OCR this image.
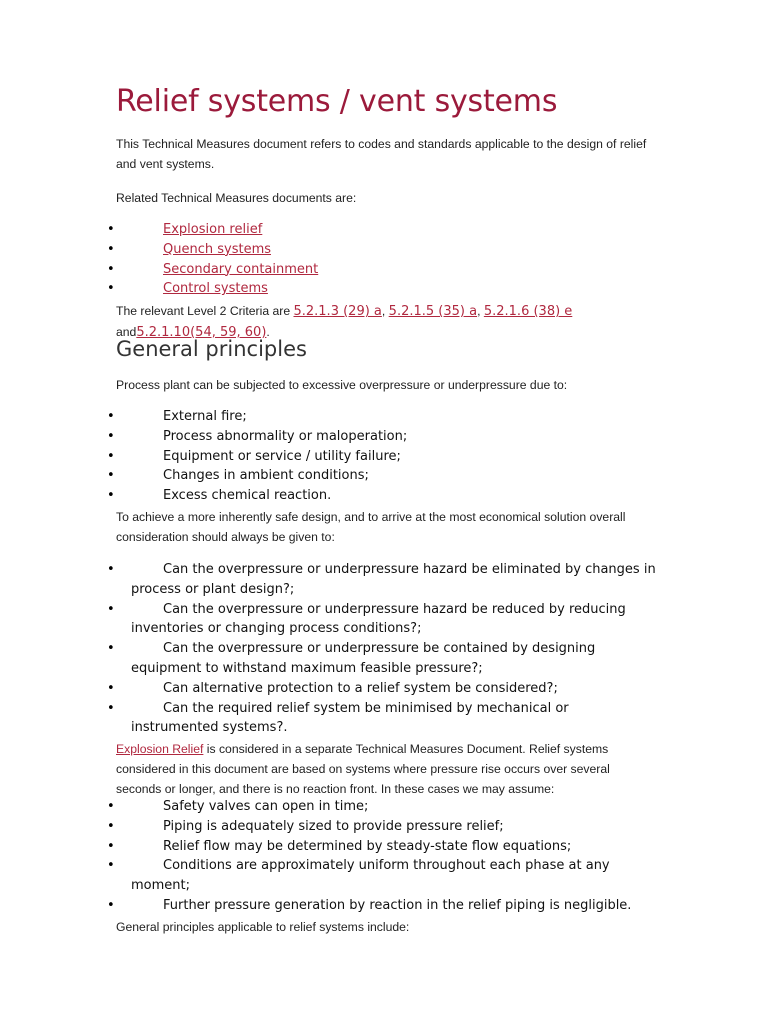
Relief systems / vent systems

This Technical Measures document refers to codes and standards applicable to the design of relief and vent systems.

Related Technical Measures documents are:

•	Explosion relief
•	Quench systems
•	Secondary containment
•	Control systems

The relevant Level 2 Criteria are 5.2.1.3 (29) a, 5.2.1.5 (35) a, 5.2.1.6 (38) e and5.2.1.10(54, 59, 60).

General principles

Process plant can be subjected to excessive overpressure or underpressure due to:

•	External fire;
•	Process abnormality or maloperation;
•	Equipment or service / utility failure;
•	Changes in ambient conditions;
•	Excess chemical reaction.

To achieve a more inherently safe design, and to arrive at the most economical solution overall consideration should always be given to:

•	Can the overpressure or underpressure hazard be eliminated by changes in process or plant design?;
•	Can the overpressure or underpressure hazard be reduced by reducing inventories or changing process conditions?;
•	Can the overpressure or underpressure be contained by designing equipment to withstand maximum feasible pressure?;
•	Can alternative protection to a relief system be considered?;
•	Can the required relief system be minimised by mechanical or instrumented systems?.

Explosion Relief is considered in a separate Technical Measures Document. Relief systems considered in this document are based on systems where pressure rise occurs over several seconds or longer, and there is no reaction front. In these cases we may assume:

•	Safety valves can open in time;
•	Piping is adequately sized to provide pressure relief;
•	Relief flow may be determined by steady-state flow equations;
•	Conditions are approximately uniform throughout each phase at any moment;
•	Further pressure generation by reaction in the relief piping is negligible.

General principles applicable to relief systems include:
